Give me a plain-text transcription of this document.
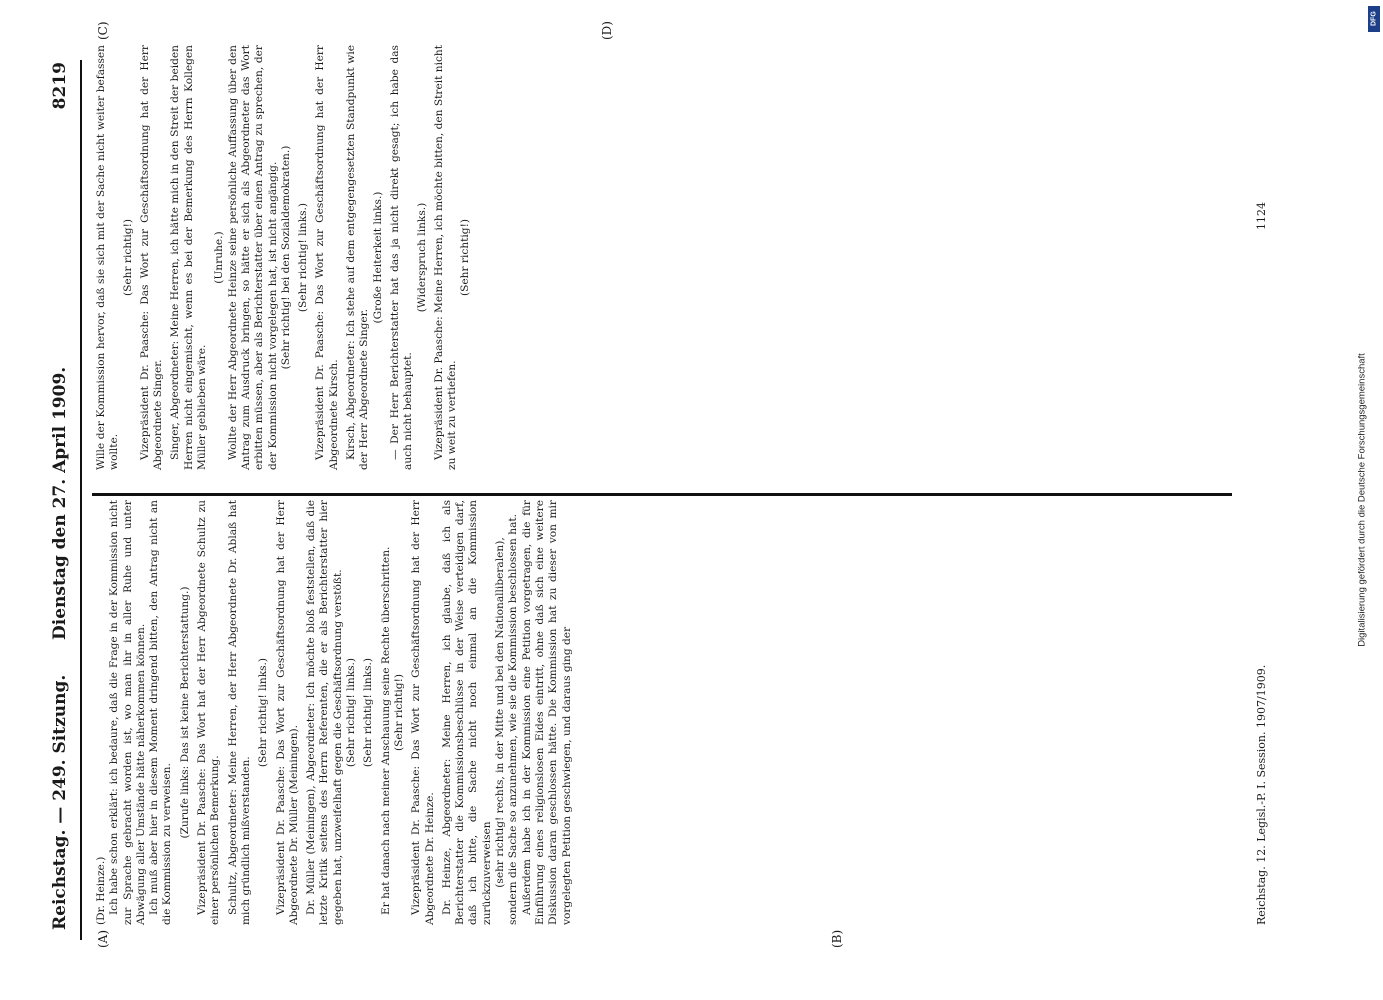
Reichstag. — 249. Sitzung.
Dienstag den 27. April 1909.
8219
(A)	(B)
(C)	(D)

(Dr. Heinze.) Ich habe schon erklärt: ich bedaure, daß die Frage in der Kommission nicht zur Sprache gebracht worden ist, wo man ihr in aller Ruhe und unter Abwägung aller Umstände hätte näherkommen können. Ich muß aber hier in diesem Moment dringend bitten, den Antrag nicht an die Kommission zu verweisen.

(Zurufe links: Das ist keine Berichterstattung.) Vizepräsident Dr. Paasche: Das Wort hat der Herr Abgeordnete Schultz zu einer persönlichen Bemerkung. Schultz, Abgeordneter: Meine Herren, der Herr Abgeordnete Dr. Ablaß hat mich gründlich mißverstanden.

(Sehr richtig! links.) Vizepräsident Dr. Paasche: Das Wort zur Geschäftsordnung hat der Herr Abgeordnete Dr. Müller (Meiningen). Dr. Müller (Meiningen), Abgeordneter: Ich möchte bloß feststellen, daß die letzte Kritik seitens des Herrn Referenten, die er als Berichterstatter hier gegeben hat, unzweifelhaft gegen die Geschäftsordnung verstößt. (Sehr richtig! links.) (Sehr richtig! links.) Er hat danach nach meiner Anschauung seine Rechte überschritten. (Sehr richtig!) Vizepräsident Dr. Paasche: Das Wort zur Geschäftsordnung hat der Herr Abgeordnete Dr. Heinze. Dr. Heinze, Abgeordneter: Meine Herren, ich glaube, daß ich als Berichterstatter die Kommissionsbeschlüsse in der Weise verteidigen darf, daß ich bitte, die Sache nicht noch einmal an die Kommission zurückzuverweisen (sehr richtig! rechts, in der Mitte und bei den Nationalliberalen), sondern die Sache so anzunehmen, wie sie die Kommission beschlossen hat. Außerdem habe ich in der Kommission eine Petition vorgetragen, die für Einführung eines religionslosen Eides eintritt, ohne daß sich eine weitere Diskussion daran geschlossen hätte. Die Kommission hat zu dieser von mir vorgelegten Petition geschwiegen, und daraus ging der

Wille der Kommission hervor, daß sie sich mit der Sache nicht weiter befassen wollte.

(Sehr richtig!) Vizepräsident Dr. Paasche: Das Wort zur Geschäftsordnung hat der Herr Abgeordnete Singer. Singer, Abgeordneter: Meine Herren, ich hätte mich in den Streit der beiden Herren nicht eingemischt, wenn es bei der Bemerkung des Herrn Kollegen Müller geblieben wäre.

(Unruhe.) Wollte der Herr Abgeordnete Heinze seine persönliche Auffassung über den Antrag zum Ausdruck bringen, so hätte er sich als Abgeordneter das Wort erbitten müssen, aber als Berichterstatter über einen Antrag zu sprechen, der der Kommission nicht vorgelegen hat, ist nicht angängig. (Sehr richtig! bei den Sozialdemokraten.) (Sehr richtig! links.) Vizepräsident Dr. Paasche: Das Wort zur Geschäftsordnung hat der Herr Abgeordnete Kirsch. Kirsch, Abgeordneter: Ich stehe auf dem entgegengesetzten Standpunkt wie der Herr Abgeordnete Singer.

(Große Heiterkeit links.) — Der Herr Berichterstatter hat das ja nicht direkt gesagt; ich habe das auch nicht behauptet.

(Widerspruch links.) Vizepräsident Dr. Paasche: Meine Herren, ich möchte bitten, den Streit nicht zu weit zu vertiefen.

(Sehr richtig!)

Reichstag. 12. Legisl.-P. I. Session. 1907/1909.
1124
Digitalisierung gefördert durch die Deutsche Forschungsgemeinschaft
DFG
